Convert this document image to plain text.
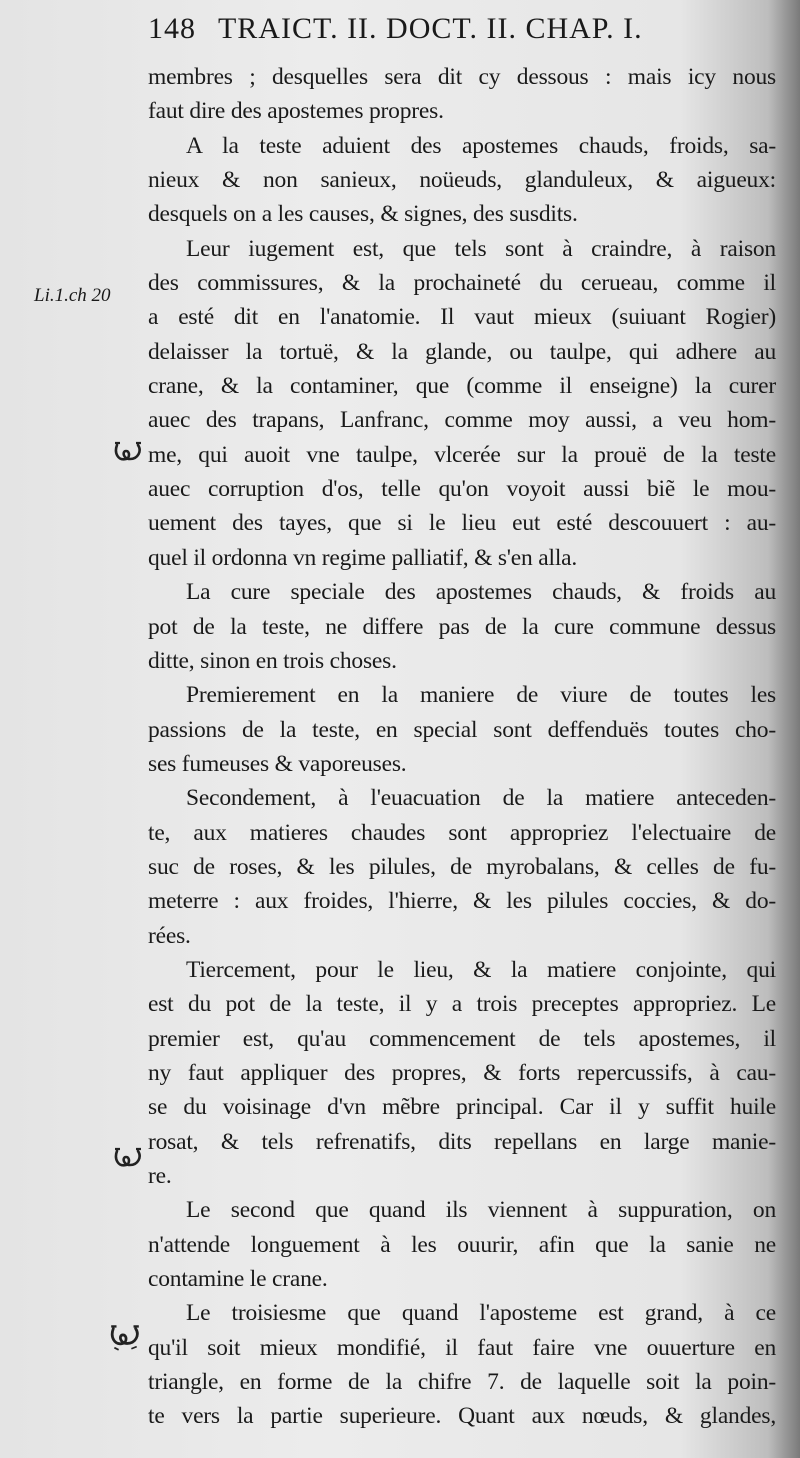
148 TRAICT. II. DOCT. II. CHAP. I.
Li.1.ch 20
membres ; desquelles sera dit cy dessous : mais icy nous
faut dire des apostemes propres.
A la teste aduient des apostemes chauds, froids, sa-
nieux & non sanieux, noüeuds, glanduleux, & aigueux:
desquels on a les causes, & signes, des susdits.
Leur iugement est, que tels sont à craindre, à raison
des commissures, & la prochaineté du cerueau, comme il
a esté dit en l'anatomie. Il vaut mieux (suiuant Rogier)
delaisser la tortuë, & la glande, ou taulpe, qui adhere au
crane, & la contaminer, que (comme il enseigne) la curer
auec des trapans, Lanfranc, comme moy aussi, a veu hom-
me, qui auoit vne taulpe, vlcerée sur la prouë de la teste
auec corruption d'os, telle qu'on voyoit aussi biẽ le mou-
uement des tayes, que si le lieu eut esté descouuert : au-
quel il ordonna vn regime palliatif, & s'en alla.
La cure speciale des apostemes chauds, & froids au
pot de la teste, ne differe pas de la cure commune dessus
ditte, sinon en trois choses.
Premierement en la maniere de viure de toutes les
passions de la teste, en special sont deffenduës toutes cho-
ses fumeuses & vaporeuses.
Secondement, à l'euacuation de la matiere anteceden-
te, aux matieres chaudes sont appropriez l'electuaire de
suc de roses, & les pilules, de myrobalans, & celles de fu-
meterre : aux froides, l'hierre, & les pilules coccies, & do-
rées.
Tiercement, pour le lieu, & la matiere conjointe, qui
est du pot de la teste, il y a trois preceptes appropriez. Le
premier est, qu'au commencement de tels apostemes, il
ny faut appliquer des propres, & forts repercussifs, à cau-
se du voisinage d'vn mẽbre principal. Car il y suffit huile
rosat, & tels refrenatifs, dits repellans en large manie-
re.
Le second que quand ils viennent à suppuration, on
n'attende longuement à les ouurir, afin que la sanie ne
contamine le crane.
Le troisiesme que quand l'aposteme est grand, à ce
qu'il soit mieux mondifié, il faut faire vne ouuerture en
triangle, en forme de la chifre 7. de laquelle soit la poin-
te vers la partie superieure. Quant aux nœuds, & glandes,
